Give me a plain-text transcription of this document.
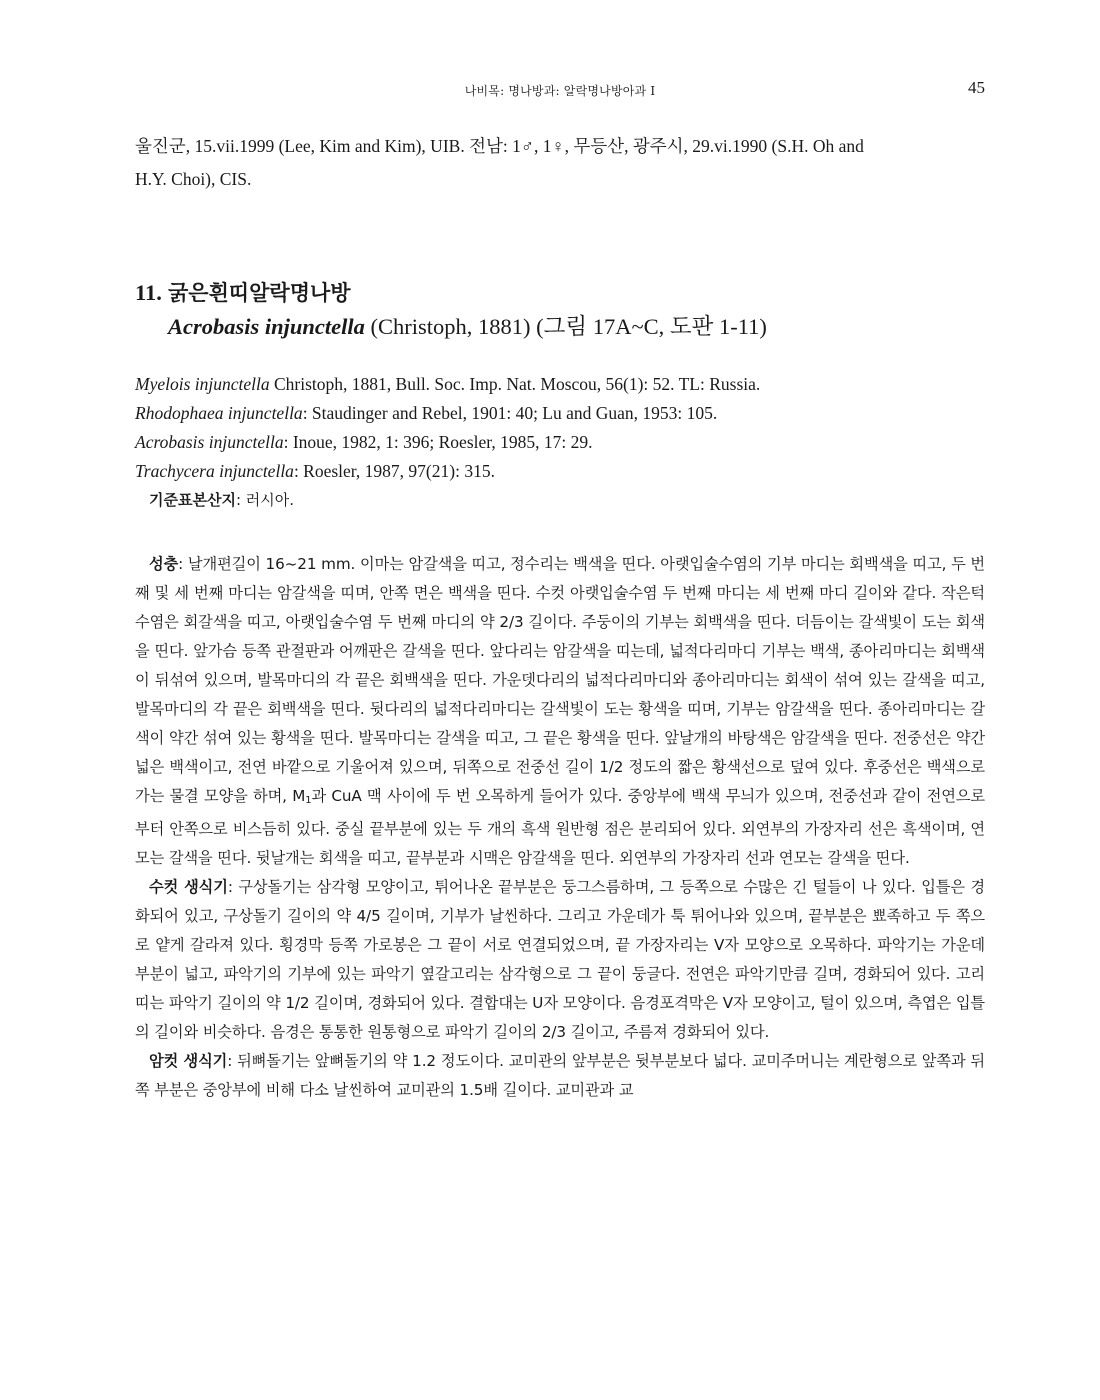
나비목: 명나방과: 알락명나방아과 I	45
울진군, 15.vii.1999 (Lee, Kim and Kim), UIB. 전남: 1♂, 1♀, 무등산, 광주시, 29.vi.1990 (S.H. Oh and
H.Y. Choi), CIS.
11. 굵은흰띠알락명나방
Acrobasis injunctella (Christoph, 1881) (그림 17A~C, 도판 1-11)
Myelois injunctella Christoph, 1881, Bull. Soc. Imp. Nat. Moscou, 56(1): 52. TL: Russia.
Rhodophaea injunctella: Staudinger and Rebel, 1901: 40; Lu and Guan, 1953: 105.
Acrobasis injunctella: Inoue, 1982, 1: 396; Roesler, 1985, 17: 29.
Trachycera injunctella: Roesler, 1987, 97(21): 315.
기준표본산지: 러시아.

성충: 날개편길이 16~21 mm. 이마는 암갈색을 띠고, 정수리는 백색을 띤다. 아랫입술수염의 기부 마디는 회백색을 띠고, 두 번째 및 세 번째 마디는 암갈색을 띠며, 안쪽 면은 백색을 띤다. 수컷 아랫입술수염 두 번째 마디는 세 번째 마디 길이와 같다. 작은턱수염은 회갈색을 띠고, 아랫입술수염 두 번째 마디의 약 2/3 길이다. 주둥이의 기부는 회백색을 띤다. 더듬이는 갈색빛이 도는 회색을 띤다. 앞가슴 등쪽 관절판과 어깨판은 갈색을 띤다. 앞다리는 암갈색을 띠는데, 넓적다리마디 기부는 백색, 종아리마디는 회백색이 뒤섞여 있으며, 발목마디의 각 끝은 회백색을 띤다. 가운뎃다리의 넓적다리마디와 종아리마디는 회색이 섞여 있는 갈색을 띠고, 발목마디의 각 끝은 회백색을 띤다. 뒷다리의 넓적다리마디는 갈색빛이 도는 황색을 띠며, 기부는 암갈색을 띤다. 종아리마디는 갈색이 약간 섞여 있는 황색을 띤다. 발목마디는 갈색을 띠고, 그 끝은 황색을 띤다. 앞날개의 바탕색은 암갈색을 띤다. 전중선은 약간 넓은 백색이고, 전연 바깥으로 기울어져 있으며, 뒤쪽으로 전중선 길이 1/2 정도의 짧은 황색선으로 덮여 있다. 후중선은 백색으로 가는 물결 모양을 하며, $M_1$과 CuA 맥 사이에 두 번 오목하게 들어가 있다. 중앙부에 백색 무늬가 있으며, 전중선과 같이 전연으로부터 안쪽으로 비스듬히 있다. 중실 끝부분에 있는 두 개의 흑색 원반형 점은 분리되어 있다. 외연부의 가장자리 선은 흑색이며, 연모는 갈색을 띤다. 뒷날개는 회색을 띠고, 끝부분과 시맥은 암갈색을 띤다. 외연부의 가장자리 선과 연모는 갈색을 띤다.

수컷 생식기: 구상돌기는 삼각형 모양이고, 튀어나온 끝부분은 둥그스름하며, 그 등쪽으로 수많은 긴 털들이 나 있다. 입틀은 경화되어 있고, 구상돌기 길이의 약 4/5 길이며, 기부가 날씬하다. 그리고 가운데가 툭 튀어나와 있으며, 끝부분은 뾰족하고 두 쪽으로 얕게 갈라져 있다. 횡경막 등쪽 가로봉은 그 끝이 서로 연결되었으며, 끝 가장자리는 V자 모양으로 오목하다. 파악기는 가운데 부분이 넓고, 파악기의 기부에 있는 파악기 옆갈고리는 삼각형으로 그 끝이 둥글다. 전연은 파악기만큼 길며, 경화되어 있다. 고리띠는 파악기 길이의 약 1/2 길이며, 경화되어 있다. 결합대는 U자 모양이다. 음경포격막은 V자 모양이고, 털이 있으며, 측엽은 입틀의 길이와 비슷하다. 음경은 통통한 원통형으로 파악기 길이의 2/3 길이고, 주름져 경화되어 있다.

암컷 생식기: 뒤뼈돌기는 앞뼈돌기의 약 1.2 정도이다. 교미관의 앞부분은 뒷부분보다 넓다. 교미주머니는 계란형으로 앞쪽과 뒤쪽 부분은 중앙부에 비해 다소 날씬하여 교미관의 1.5배 길이다. 교미관과 교
